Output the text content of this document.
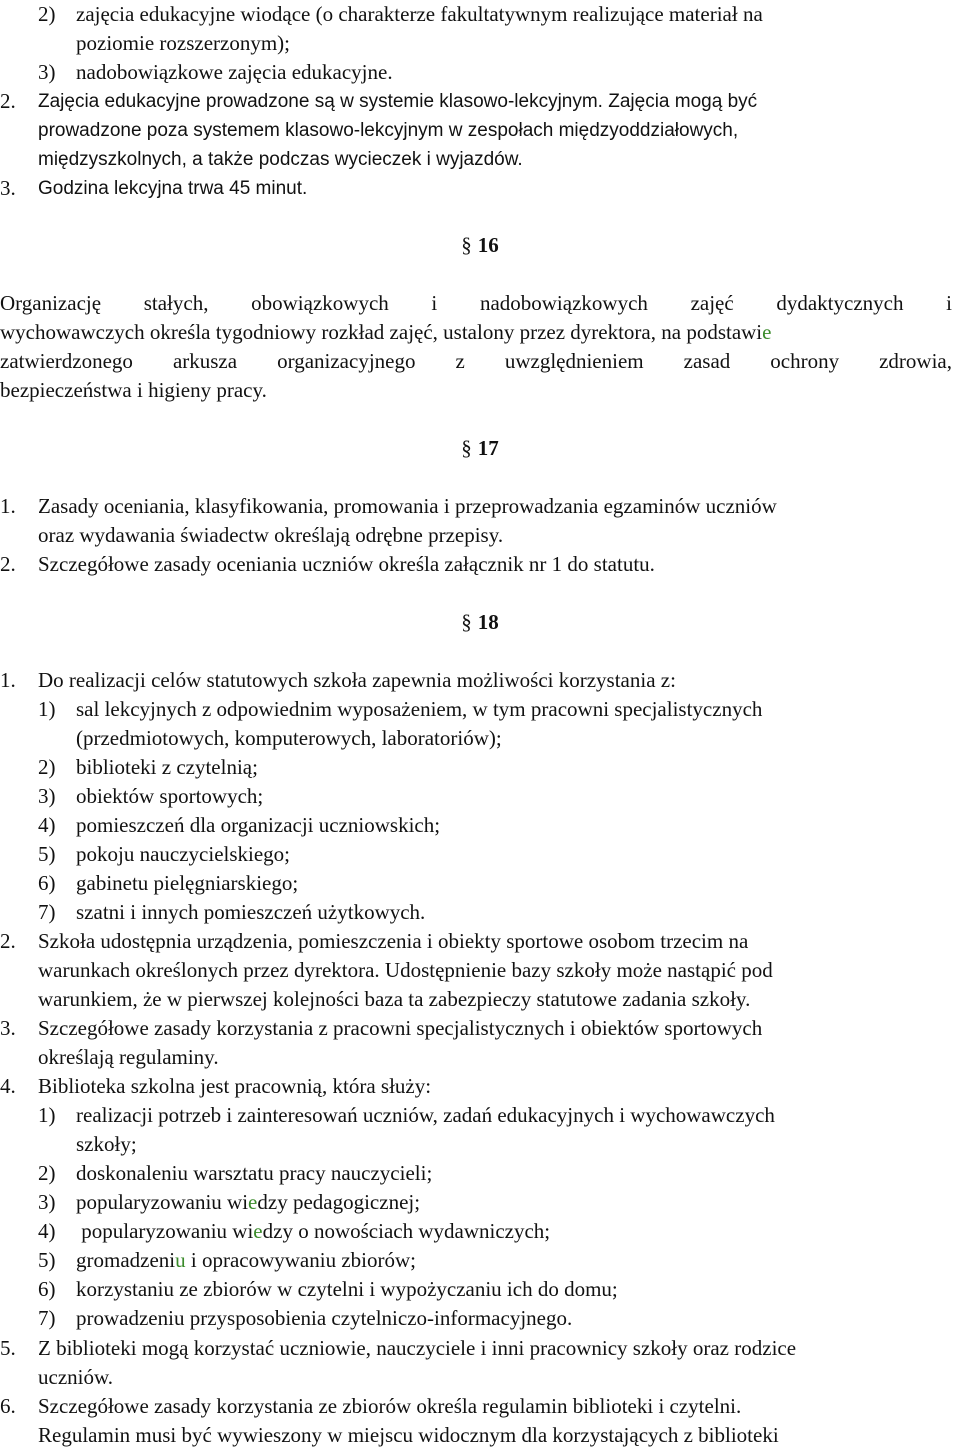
2) zajęcia edukacyjne wiodące (o charakterze fakultatywnym realizujące materiał na
poziomie rozszerzonym);
3) nadobowiązkowe zajęcia edukacyjne.
2. Zajęcia edukacyjne prowadzone są w systemie klasowo-lekcyjnym. Zajęcia mogą być
prowadzone poza systemem klasowo-lekcyjnym w zespołach międzyoddziałowych,
międzyszkolnych, a także podczas wycieczek i wyjazdów.
3. Godzina lekcyjna trwa 45 minut.
§ 16
Organizację stałych, obowiązkowych i nadobowiązkowych zajęć dydaktycznych i
wychowawczych określa tygodniowy rozkład zajęć, ustalony przez dyrektora, na podstawie
zatwierdzonego arkusza organizacyjnego z uwzględnieniem zasad ochrony zdrowia,
bezpieczeństwa i higieny pracy.
§ 17
1. Zasady oceniania, klasyfikowania, promowania i przeprowadzania egzaminów uczniów
oraz wydawania świadectw określają odrębne przepisy.
2. Szczegółowe zasady oceniania uczniów określa załącznik nr 1 do statutu.
§ 18
1. Do realizacji celów statutowych szkoła zapewnia możliwości korzystania z:
1) sal lekcyjnych z odpowiednim wyposażeniem, w tym pracowni specjalistycznych
(przedmiotowych, komputerowych, laboratoriów);
2) biblioteki z czytelnią;
3) obiektów sportowych;
4) pomieszczeń dla organizacji uczniowskich;
5) pokoju nauczycielskiego;
6) gabinetu pielęgniarskiego;
7) szatni i innych pomieszczeń użytkowych.
2. Szkoła udostępnia urządzenia, pomieszczenia i obiekty sportowe osobom trzecim na
warunkach określonych przez dyrektora. Udostępnienie bazy szkoły może nastąpić pod
warunkiem, że w pierwszej kolejności baza ta zabezpieczy statutowe zadania szkoły.
3. Szczegółowe zasady korzystania z pracowni specjalistycznych i obiektów sportowych
określają regulaminy.
4. Biblioteka szkolna jest pracownią, która służy:
1) realizacji potrzeb i zainteresowań uczniów, zadań edukacyjnych i wychowawczych
szkoły;
2) doskonaleniu warsztatu pracy nauczycieli;
3) popularyzowaniu wiedzy pedagogicznej;
4) popularyzowaniu wiedzy o nowościach wydawniczych;
5) gromadzeniu i opracowywaniu zbiorów;
6) korzystaniu ze zbiorów w czytelni i wypożyczaniu ich do domu;
7) prowadzeniu przysposobienia czytelniczo-informacyjnego.
5. Z biblioteki mogą korzystać uczniowie, nauczyciele i inni pracownicy szkoły oraz rodzice
uczniów.
6. Szczegółowe zasady korzystania ze zbiorów określa regulamin biblioteki i czytelni.
Regulamin musi być wywieszony w miejscu widocznym dla korzystających z biblioteki
